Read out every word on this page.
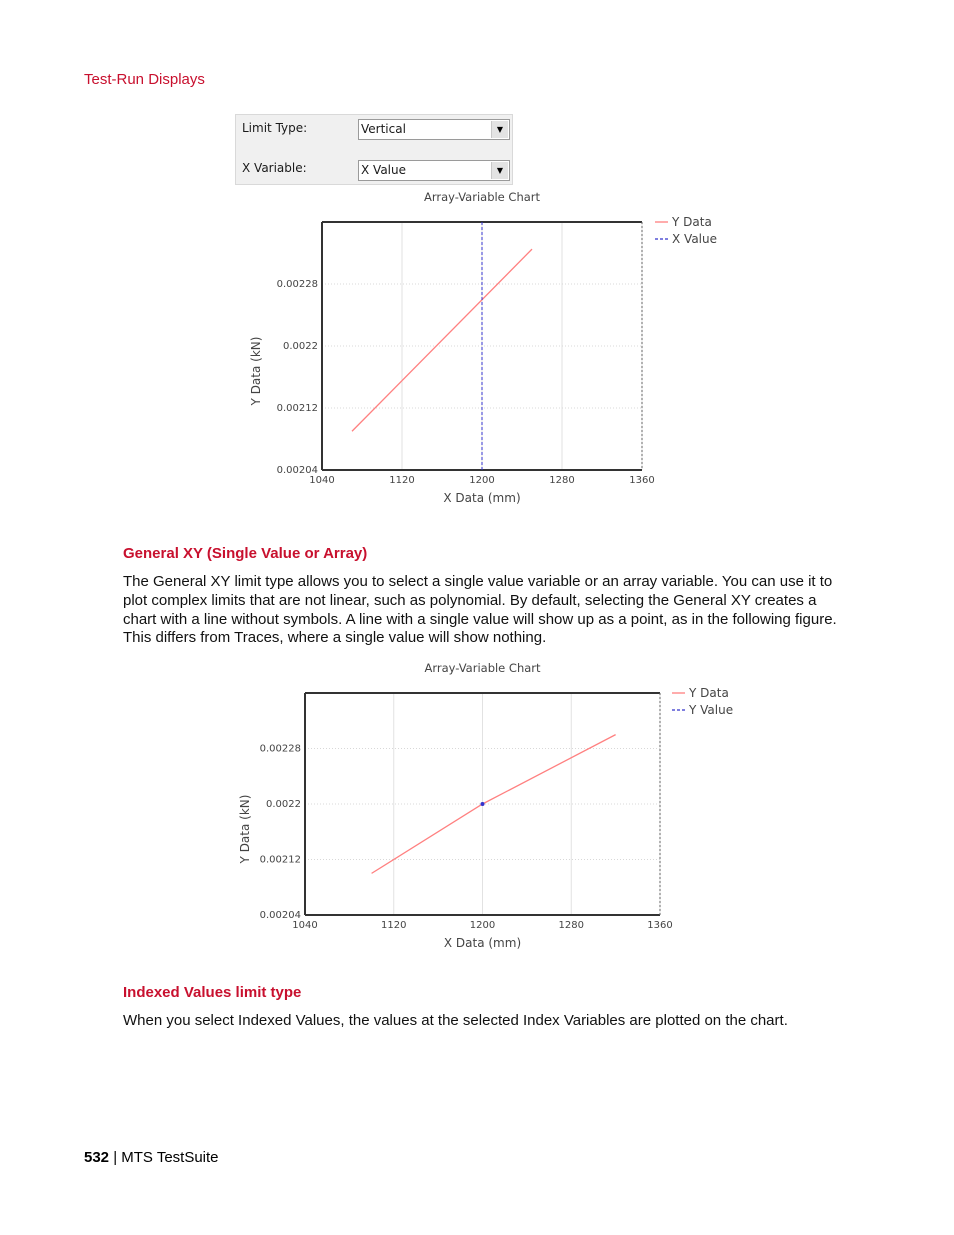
Test-Run Displays
Limit Type:	Vertical	▼
X Variable:	X Value	▼
Array-Variable Chart
1040	1120	1200	1280	1360
0.00204
0.00212
0.0022
0.00228
X Data (mm)
Y Data (kN)
Y Data
X Value
General XY (Single Value or Array)
The General XY limit type allows you to select a single value variable or an array variable. You can use it to plot complex limits that are not linear, such as polynomial. By default, selecting the General XY creates a chart with a line without symbols. A line with a single value will show up as a point, as in the following figure. This differs from Traces, where a single value will show nothing.
Array-Variable Chart
1040	1120	1200	1280	1360
0.00204
0.00212
0.0022
0.00228
X Data (mm)
Y Data (kN)
Y Data
Y Value
Indexed Values limit type
When you select Indexed Values, the values at the selected Index Variables are plotted on the chart.
532 | MTS TestSuite
